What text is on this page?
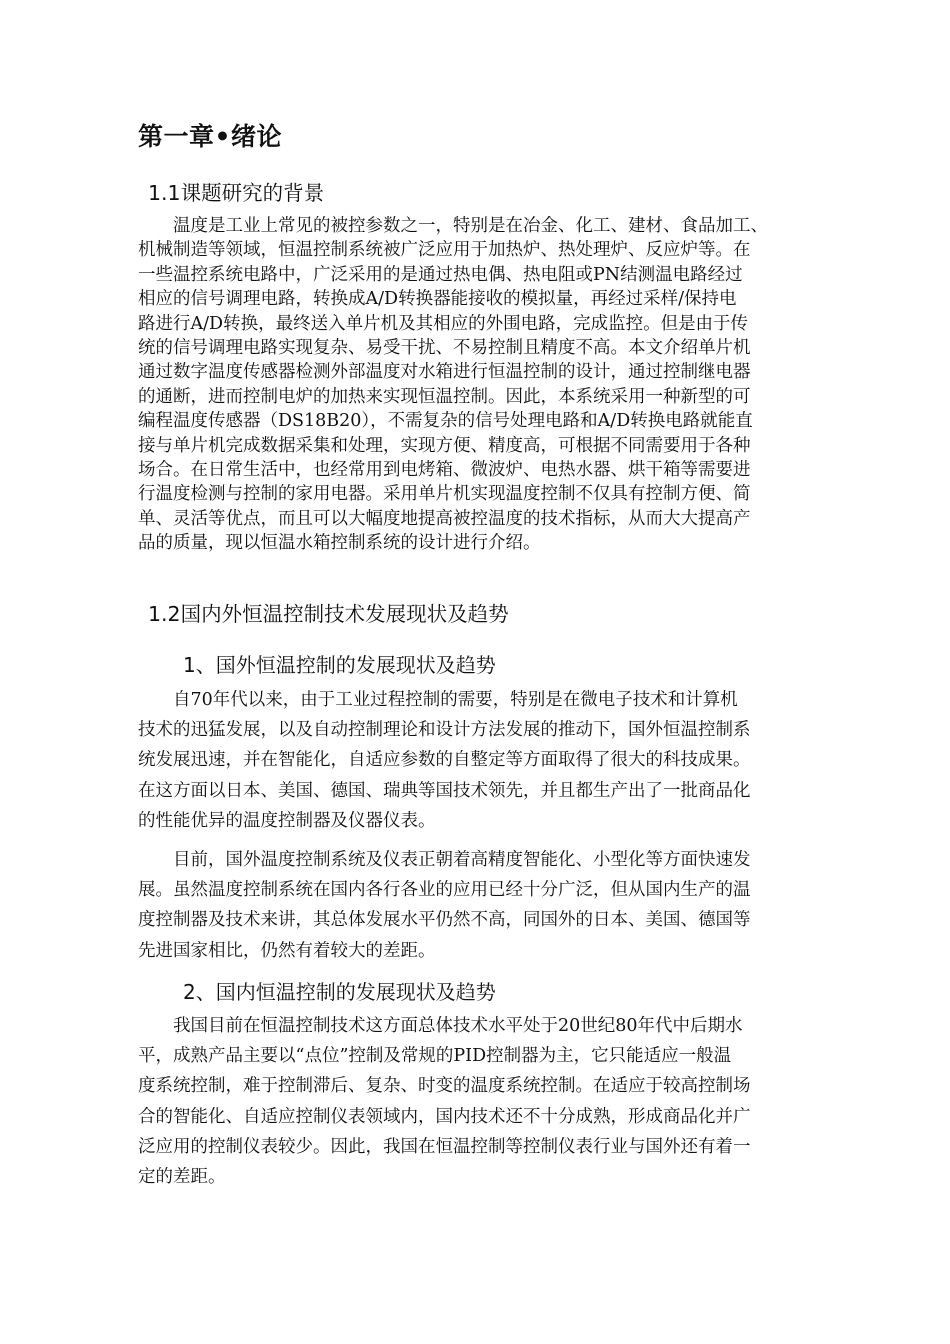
第一章•绪论
1.1课题研究的背景
温度是工业上常见的被控参数之一，特别是在冶金、化工、建材、食品加工、
机械制造等领域，恒温控制系统被广泛应用于加热炉、热处理炉、反应炉等。在
一些温控系统电路中，广泛采用的是通过热电偶、热电阻或PN结测温电路经过
相应的信号调理电路，转换成A/D转换器能接收的模拟量，再经过采样/保持电
路进行A/D转换，最终送入单片机及其相应的外围电路，完成监控。但是由于传
统的信号调理电路实现复杂、易受干扰、不易控制且精度不高。本文介绍单片机
通过数字温度传感器检测外部温度对水箱进行恒温控制的设计，通过控制继电器
的通断，进而控制电炉的加热来实现恒温控制。因此，本系统采用一种新型的可
编程温度传感器（DS18B20），不需复杂的信号处理电路和A/D转换电路就能直
接与单片机完成数据采集和处理，实现方便、精度高，可根据不同需要用于各种
场合。在日常生活中，也经常用到电烤箱、微波炉、电热水器、烘干箱等需要进
行温度检测与控制的家用电器。采用单片机实现温度控制不仅具有控制方便、简
单、灵活等优点，而且可以大幅度地提高被控温度的技术指标，从而大大提高产
品的质量，现以恒温水箱控制系统的设计进行介绍。
1.2国内外恒温控制技术发展现状及趋势
1、国外恒温控制的发展现状及趋势
自70年代以来，由于工业过程控制的需要，特别是在微电子技术和计算机
技术的迅猛发展，以及自动控制理论和设计方法发展的推动下，国外恒温控制系
统发展迅速，并在智能化，自适应参数的自整定等方面取得了很大的科技成果。
在这方面以日本、美国、德国、瑞典等国技术领先，并且都生产出了一批商品化
的性能优异的温度控制器及仪器仪表。
目前，国外温度控制系统及仪表正朝着高精度智能化、小型化等方面快速发
展。虽然温度控制系统在国内各行各业的应用已经十分广泛，但从国内生产的温
度控制器及技术来讲，其总体发展水平仍然不高，同国外的日本、美国、德国等
先进国家相比，仍然有着较大的差距。
2、国内恒温控制的发展现状及趋势
我国目前在恒温控制技术这方面总体技术水平处于20世纪80年代中后期水
平，成熟产品主要以“点位”控制及常规的PID控制器为主，它只能适应一般温
度系统控制，难于控制滞后、复杂、时变的温度系统控制。在适应于较高控制场
合的智能化、自适应控制仪表领域内，国内技术还不十分成熟，形成商品化并广
泛应用的控制仪表较少。因此，我国在恒温控制等控制仪表行业与国外还有着一
定的差距。
